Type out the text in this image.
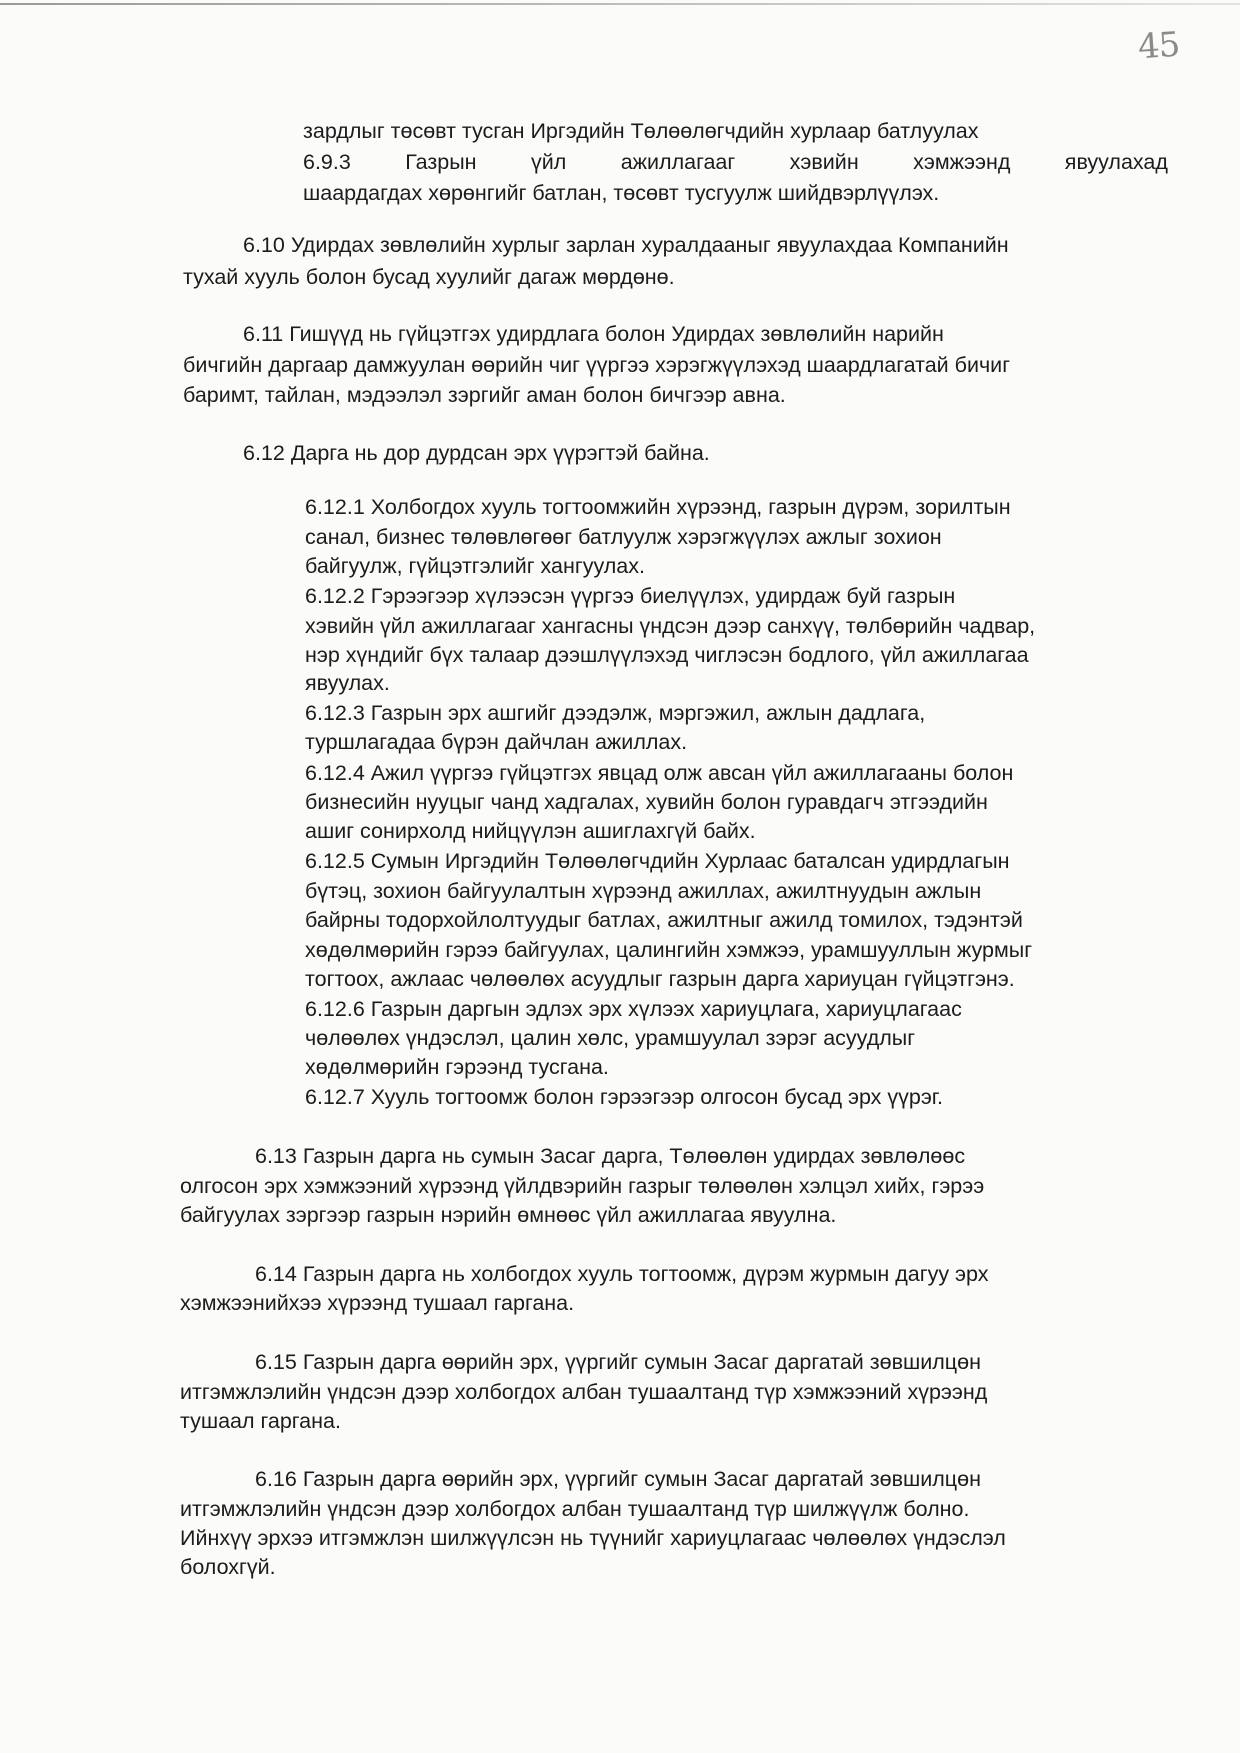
45
зардлыг төсөвт тусган Иргэдийн Төлөөлөгчдийн хурлаар батлуулах
6.9.3	Газрын	үйл	ажиллагааг	хэвийн	хэмжээнд	явуулахад
шаардагдах хөрөнгийг батлан, төсөвт тусгуулж шийдвэрлүүлэх.
6.10 Удирдах зөвлөлийн хурлыг зарлан хуралдааныг явуулахдаа Компанийн
тухай хууль болон бусад хуулийг дагаж мөрдөнө.
6.11 Гишүүд нь гүйцэтгэх удирдлага болон Удирдах зөвлөлийн нарийн
бичгийн даргаар дамжуулан өөрийн чиг үүргээ хэрэгжүүлэхэд шаардлагатай бичиг
баримт, тайлан, мэдээлэл зэргийг аман болон бичгээр авна.
6.12 Дарга нь дор дурдсан эрх үүрэгтэй байна.
6.12.1 Холбогдох хууль тогтоомжийн хүрээнд, газрын дүрэм, зорилтын
санал, бизнес төлөвлөгөөг батлуулж хэрэгжүүлэх ажлыг зохион
байгуулж, гүйцэтгэлийг хангуулах.
6.12.2 Гэрээгээр хүлээсэн үүргээ биелүүлэх, удирдаж буй газрын
хэвийн үйл ажиллагааг хангасны үндсэн дээр санхүү, төлбөрийн чадвар,
нэр хүндийг бүх талаар дээшлүүлэхэд чиглэсэн бодлого, үйл ажиллагаа
явуулах.
6.12.3 Газрын эрх ашгийг дээдэлж, мэргэжил, ажлын дадлага,
туршлагадаа бүрэн дайчлан ажиллах.
6.12.4 Ажил үүргээ гүйцэтгэх явцад олж авсан үйл ажиллагааны болон
бизнесийн нууцыг чанд хадгалах, хувийн болон гуравдагч этгээдийн
ашиг сонирхолд нийцүүлэн ашиглахгүй байх.
6.12.5 Сумын Иргэдийн Төлөөлөгчдийн Хурлаас баталсан удирдлагын
бүтэц, зохион байгуулалтын хүрээнд ажиллах, ажилтнуудын ажлын
байрны тодорхойлолтуудыг батлах, ажилтныг ажилд томилох, тэдэнтэй
хөдөлмөрийн гэрээ байгуулах, цалингийн хэмжээ, урамшууллын журмыг
тогтоох, ажлаас чөлөөлөх асуудлыг газрын дарга хариуцан гүйцэтгэнэ.
6.12.6 Газрын даргын эдлэх эрх хүлээх хариуцлага, хариуцлагаас
чөлөөлөх үндэслэл, цалин хөлс, урамшуулал зэрэг асуудлыг
хөдөлмөрийн гэрээнд тусгана.
6.12.7 Хууль тогтоомж болон гэрээгээр олгосон бусад эрх үүрэг.
6.13 Газрын дарга нь сумын Засаг дарга, Төлөөлөн удирдах зөвлөлөөс
олгосон эрх хэмжээний хүрээнд үйлдвэрийн газрыг төлөөлөн хэлцэл хийх, гэрээ
байгуулах зэргээр газрын нэрийн өмнөөс үйл ажиллагаа явуулна.
6.14 Газрын дарга нь холбогдох хууль тогтоомж, дүрэм журмын дагуу эрх
хэмжээнийхээ хүрээнд тушаал гаргана.
6.15 Газрын дарга өөрийн эрх, үүргийг сумын Засаг даргатай зөвшилцөн
итгэмжлэлийн үндсэн дээр холбогдох албан тушаалтанд түр хэмжээний хүрээнд
тушаал гаргана.
6.16 Газрын дарга өөрийн эрх, үүргийг сумын Засаг даргатай зөвшилцөн
итгэмжлэлийн үндсэн дээр холбогдох албан тушаалтанд түр шилжүүлж болно.
Ийнхүү эрхээ итгэмжлэн шилжүүлсэн нь түүнийг хариуцлагаас чөлөөлөх үндэслэл
болохгүй.
